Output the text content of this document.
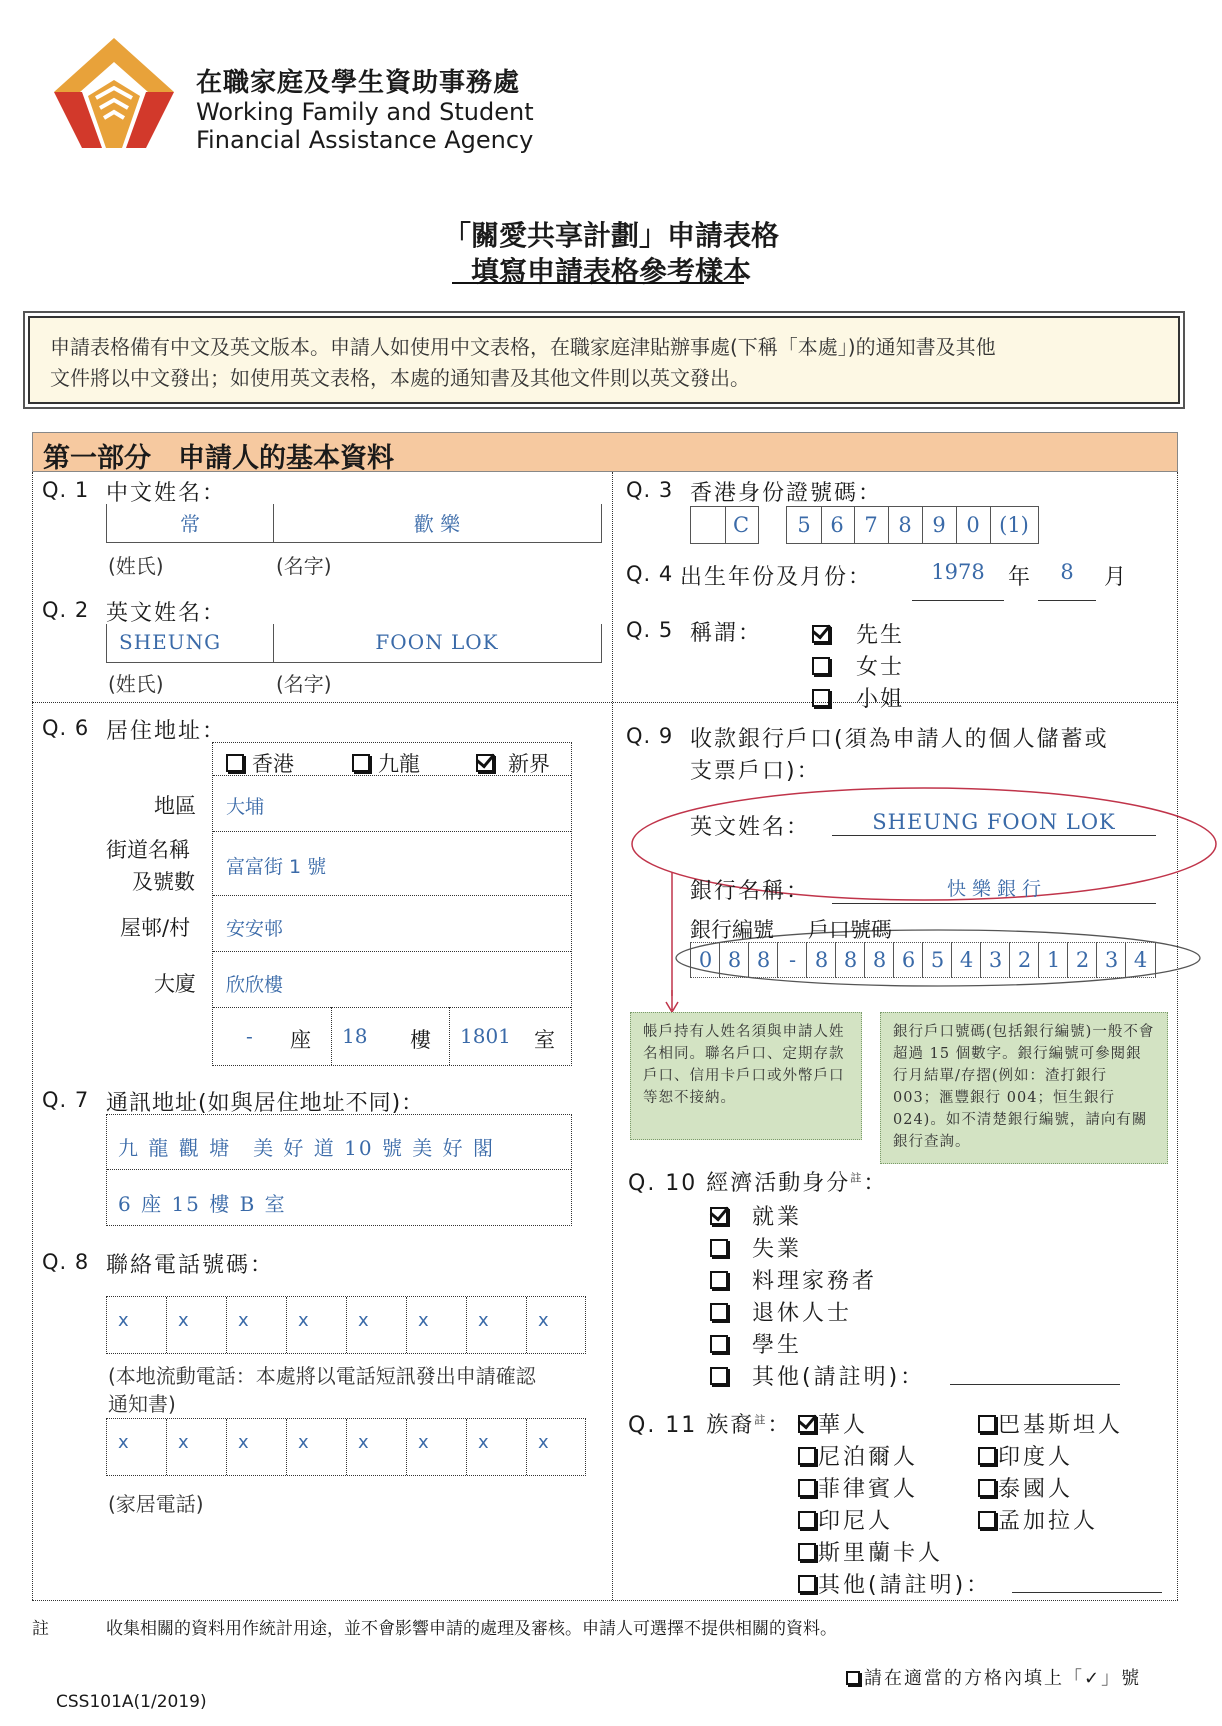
在職家庭及學生資助事務處
Working Family and Student
Financial Assistance Agency
「關愛共享計劃」申請表格
填寫申請表格參考樣本
申請表格備有中文及英文版本。申請人如使用中文表格，在職家庭津貼辦事處(下稱「本處」)的通知書及其他
文件將以中文發出；如使用英文表格，本處的通知書及其他文件則以英文發出。
第一部分　申請人的基本資料
Q. 1 中文姓名：
常	歡 樂
(姓氏)	(名字)
Q. 2 英文姓名：
SHEUNG	FOON LOK
(姓氏)	(名字)
Q. 3 香港身份證號碼：
C	5 6 7 8 9 0 (1)
Q. 4 出生年份及月份：	1978	年	8	月
Q. 5 稱謂：	先生
女士
小姐
Q. 6 居住地址：
香港	九龍	新界
地區 大埔
街道名稱
及號數
富富街 1 號
屋邨/村 安安邨
大廈 欣欣樓
- 座 18 樓 1801 室
Q. 7 通訊地址(如與居住地址不同)：
九 龍 觀 塘　美 好 道 10 號 美 好 閣
6 座 15 樓 B 室
Q. 8 聯絡電話號碼：
x	x	x	x	x	x	x	x
(本地流動電話：本處將以電話短訊發出申請確認
通知書)
x	x	x	x	x	x	x	x
(家居電話)
Q. 9 收款銀行戶口(須為申請人的個人儲蓄或
支票戶口)：
英文姓名：	SHEUNG FOON LOK
銀行名稱：	快 樂 銀 行
銀行編號 戶口號碼
0 8 8 - 8 8 8 6 5 4 3 2 1 2 3 4
帳戶持有人姓名須與申請人姓名相同。聯名戶口、定期存款戶口、信用卡戶口或外幣戶口等恕不接納。
銀行戶口號碼(包括銀行編號)一般不會超過 15 個數字。銀行編號可參閱銀行月結單/存摺(例如：渣打銀行 003；滙豐銀行 004；恒生銀行 024)。如不清楚銀行編號，請向有關銀行查詢。
Q. 10 經濟活動身分$^註$：
就業
失業
料理家務者
退休人士
學生
其他(請註明)：
Q. 11 族裔$^註$：	華人
尼泊爾人
菲律賓人
印尼人
斯里蘭卡人
其他(請註明)：
巴基斯坦人
印度人
泰國人
孟加拉人
註	收集相關的資料用作統計用途，並不會影響申請的處理及審核。申請人可選擇不提供相關的資料。
請在適當的方格內填上「✓」號
CSS101A(1/2019)
